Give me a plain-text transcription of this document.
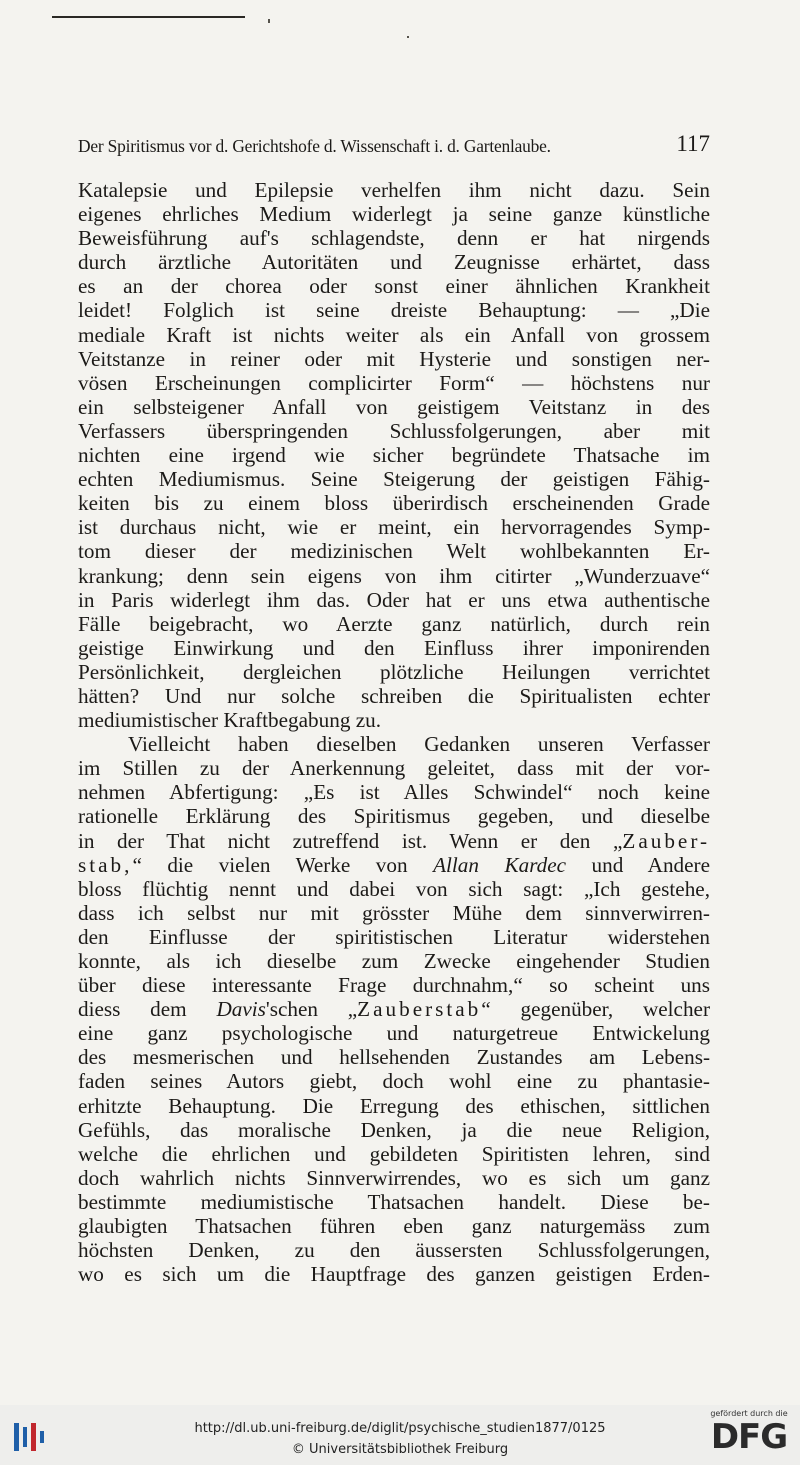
Der Spiritismus vor d. Gerichtshofe d. Wissenschaft i. d. Gartenlaube.	117
Katalepsie und Epilepsie verhelfen ihm nicht dazu. Sein
eigenes ehrliches Medium widerlegt ja seine ganze künstliche
Beweisführung auf's schlagendste, denn er hat nirgends
durch ärztliche Autoritäten und Zeugnisse erhärtet, dass
es an der chorea oder sonst einer ähnlichen Krankheit
leidet! Folglich ist seine dreiste Behauptung: — „Die
mediale Kraft ist nichts weiter als ein Anfall von grossem
Veitstanze in reiner oder mit Hysterie und sonstigen ner-
vösen Erscheinungen complicirter Form“ — höchstens nur
ein selbsteigener Anfall von geistigem Veitstanz in des
Verfassers überspringenden Schlussfolgerungen, aber mit
nichten eine irgend wie sicher begründete Thatsache im
echten Mediumismus. Seine Steigerung der geistigen Fähig-
keiten bis zu einem bloss überirdisch erscheinenden Grade
ist durchaus nicht, wie er meint, ein hervorragendes Symp-
tom dieser der medizinischen Welt wohlbekannten Er-
krankung; denn sein eigens von ihm citirter „Wunderzuave“
in Paris widerlegt ihm das. Oder hat er uns etwa authentische
Fälle beigebracht, wo Aerzte ganz natürlich, durch rein
geistige Einwirkung und den Einfluss ihrer imponirenden
Persönlichkeit, dergleichen plötzliche Heilungen verrichtet
hätten? Und nur solche schreiben die Spiritualisten echter
mediumistischer Kraftbegabung zu.
Vielleicht haben dieselben Gedanken unseren Verfasser
im Stillen zu der Anerkennung geleitet, dass mit der vor-
nehmen Abfertigung: „Es ist Alles Schwindel“ noch keine
rationelle Erklärung des Spiritismus gegeben, und dieselbe
in der That nicht zutreffend ist. Wenn er den „Zauber-
stab,“ die vielen Werke von Allan Kardec und Andere
bloss flüchtig nennt und dabei von sich sagt: „Ich gestehe,
dass ich selbst nur mit grösster Mühe dem sinnverwirren-
den Einflusse der spiritistischen Literatur widerstehen
konnte, als ich dieselbe zum Zwecke eingehender Studien
über diese interessante Frage durchnahm,“ so scheint uns
diess dem Davis'schen „Zauberstab“ gegenüber, welcher
eine ganz psychologische und naturgetreue Entwickelung
des mesmerischen und hellsehenden Zustandes am Lebens-
faden seines Autors giebt, doch wohl eine zu phantasie-
erhitzte Behauptung. Die Erregung des ethischen, sittlichen
Gefühls, das moralische Denken, ja die neue Religion,
welche die ehrlichen und gebildeten Spiritisten lehren, sind
doch wahrlich nichts Sinnverwirrendes, wo es sich um ganz
bestimmte mediumistische Thatsachen handelt. Diese be-
glaubigten Thatsachen führen eben ganz naturgemäss zum
höchsten Denken, zu den äussersten Schlussfolgerungen,
wo es sich um die Hauptfrage des ganzen geistigen Erden-
http://dl.ub.uni-freiburg.de/diglit/psychische_studien1877/0125
© Universitätsbibliothek Freiburg
gefördert durch die
DFG
